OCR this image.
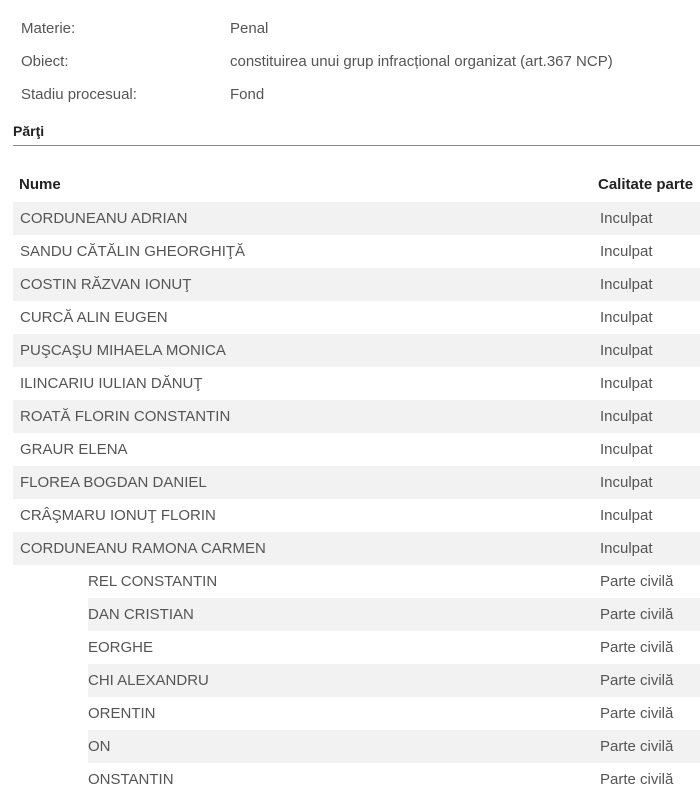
Materie:	Penal
Obiect:	constituirea unui grup infracțional organizat (art.367 NCP)
Stadiu procesual:	Fond
Părţi
Nume	Calitate parte
CORDUNEANU ADRIAN	Inculpat
SANDU CĂTĂLIN GHEORGHIŢĂ	Inculpat
COSTIN RĂZVAN IONUŢ	Inculpat
CURCĂ ALIN EUGEN	Inculpat
PUŞCAŞU MIHAELA MONICA	Inculpat
ILINCARIU IULIAN DĂNUŢ	Inculpat
ROATĂ FLORIN CONSTANTIN	Inculpat
GRAUR ELENA	Inculpat
FLOREA BOGDAN DANIEL	Inculpat
CRÂŞMARU IONUŢ FLORIN	Inculpat
CORDUNEANU RAMONA CARMEN	Inculpat
REL CONSTANTIN	Parte civilă
DAN CRISTIAN	Parte civilă
EORGHE	Parte civilă
CHI ALEXANDRU	Parte civilă
ORENTIN	Parte civilă
ON	Parte civilă
ONSTANTIN	Parte civilă
